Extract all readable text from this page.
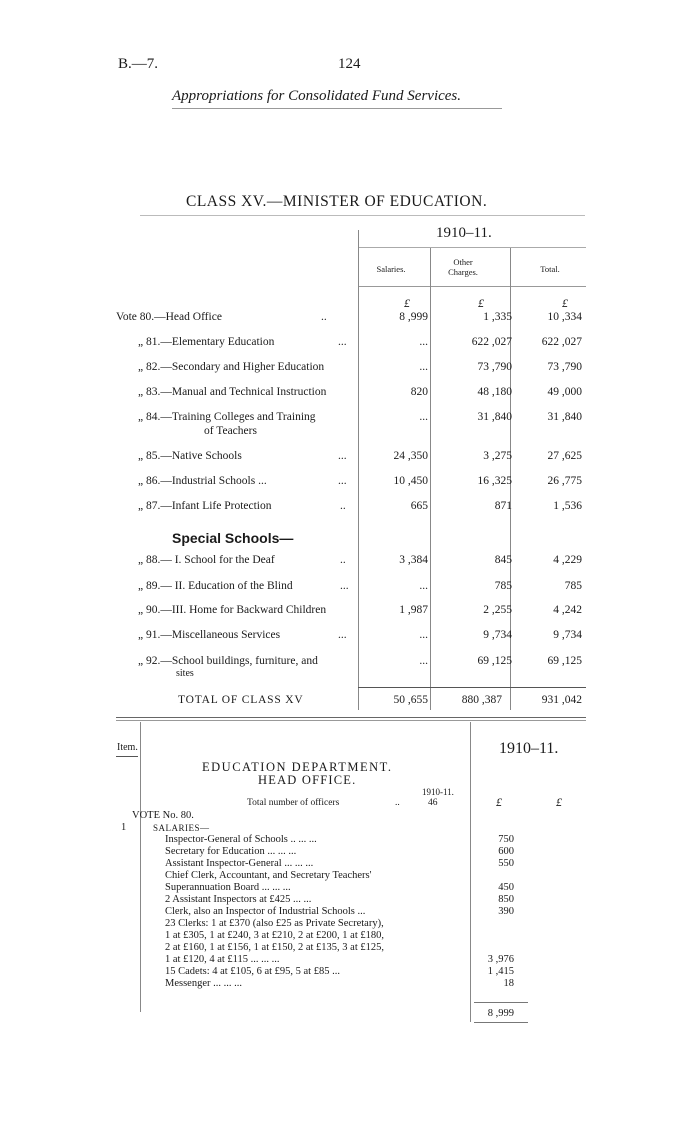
B.—7.	124
Appropriations for Consolidated Fund Services.
CLASS XV.—MINISTER OF EDUCATION.
1910–11.
Salaries.
Other
Charges.	Total.
£	£	£
Vote 80.—Head Office	..	8 ,999	1 ,335	10 ,334
„ 81.—Elementary Education	...	...	622 ,027	622 ,027
„ 82.—Secondary and Higher Education	...	73 ,790	73 ,790
„ 83.—Manual and Technical Instruction	820	48 ,180	49 ,000
„ 84.—Training Colleges and Training
of Teachers
...	31 ,840	31 ,840
„ 85.—Native Schools	...	24 ,350	3 ,275	27 ,625
„ 86.—Industrial Schools ...	...	10 ,450	16 ,325	26 ,775
„ 87.—Infant Life Protection	..	665	871	1 ,536
Special Schools—
„ 88.— I. School for the Deaf	..	3 ,384	845	4 ,229
„ 89.— II. Education of the Blind	...	...	785	785
„ 90.—III. Home for Backward Children	1 ,987	2 ,255	4 ,242
„ 91.—Miscellaneous Services	...	...	9 ,734	9 ,734
„ 92.—School buildings, furniture, and
sites
...	69 ,125	69 ,125
TOTAL OF CLASS XV	50 ,655	880 ,387	931 ,042
Item.	1910–11.
EDUCATION DEPARTMENT.
HEAD OFFICE.
1910-11.
Total number of officers	..	46	£	£
VOTE No. 80.
1	SALARIES—
Inspector-General of Schools .. ... ...	750
Secretary for Education ... ... ...	600
Assistant Inspector-General ... ... ...	550
Chief Clerk, Accountant, and Secretary Teachers'
Superannuation Board ... ... ...	450
2 Assistant Inspectors at £425 ... ...	850
Clerk, also an Inspector of Industrial Schools ...	390
23 Clerks: 1 at £370 (also £25 as Private Secretary),
1 at £305, 1 at £240, 3 at £210, 2 at £200, 1 at £180,
2 at £160, 1 at £156, 1 at £150, 2 at £135, 3 at £125,
1 at £120, 4 at £115 ... ... ...	3 ,976
15 Cadets: 4 at £105, 6 at £95, 5 at £85 ...	1 ,415
Messenger ... ... ...	18
8 ,999
